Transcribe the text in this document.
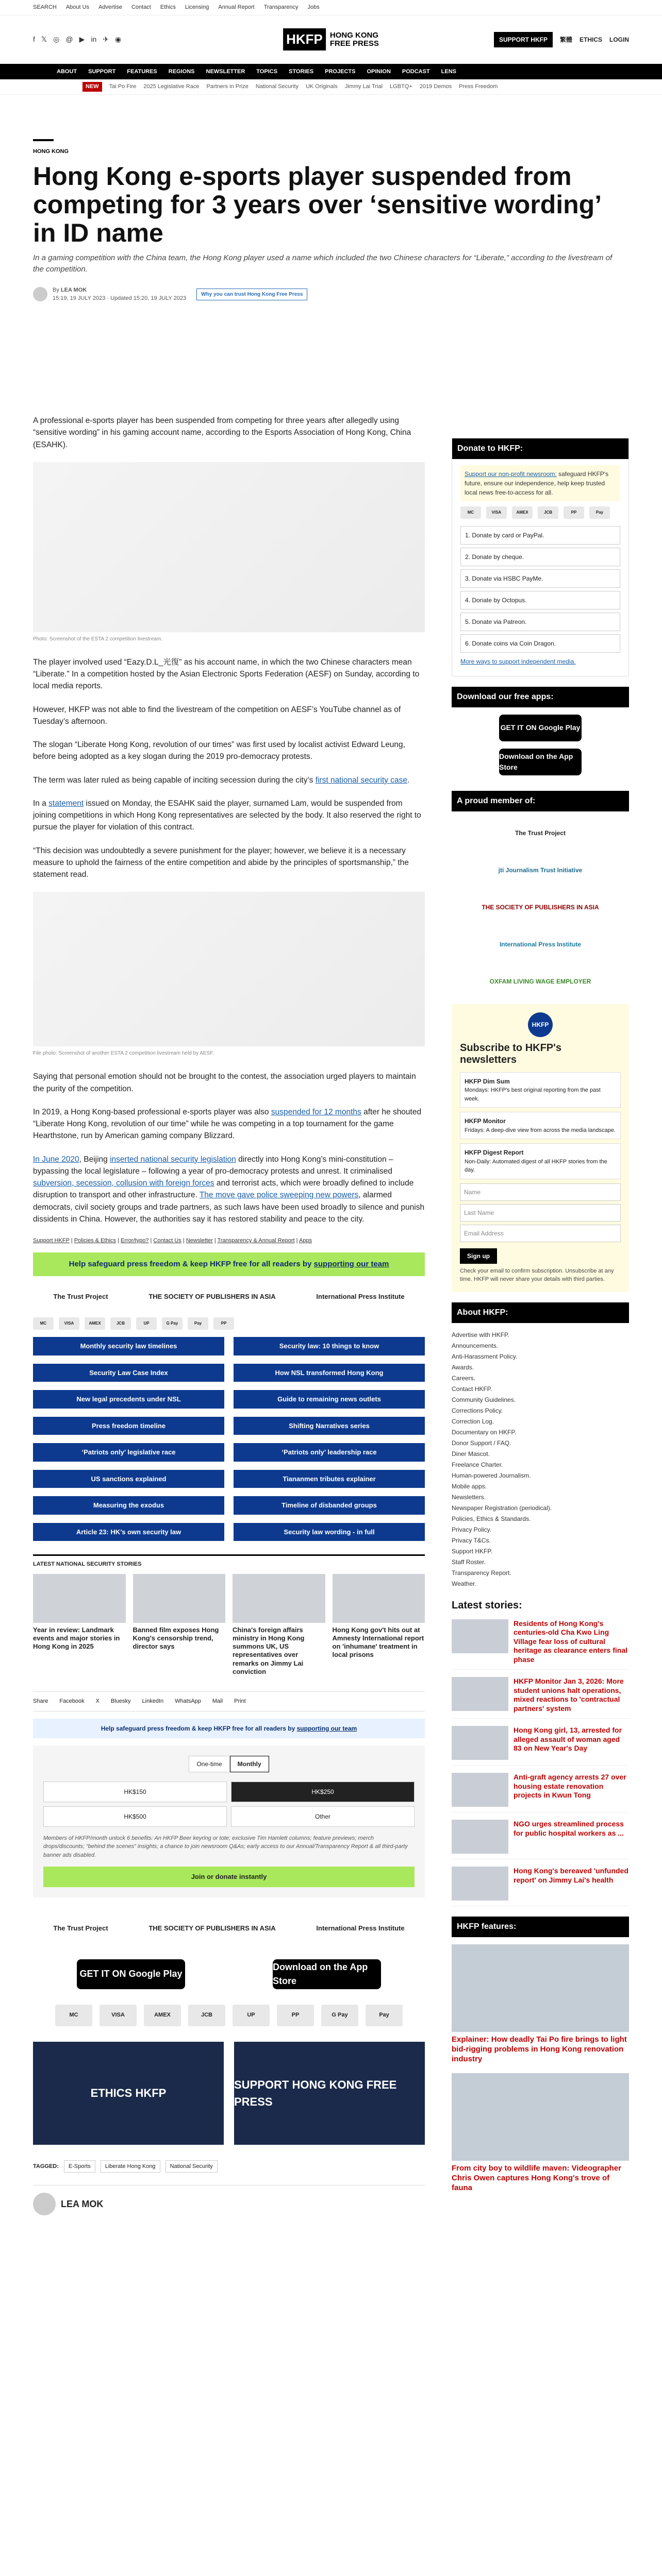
SEARCH About Us Advertise Contact Ethics Licensing Annual Report Transparency Jobs
f 𝕏 ◎ @ ▶ in ✈ ◉	HKFP HONG KONG
FREE PRESS	SUPPORT HKFP	繁體 ETHICS LOGIN
ABOUT SUPPORT FEATURES REGIONS NEWSLETTER TOPICS STORIES PROJECTS OPINION PODCAST LENS
NEW	Tai Po Fire 2025 Legislative Race Partners in Prize National Security UK Originals Jimmy Lai Trial LGBTQ+ 2019 Demos Press Freedom
HONG KONG
Hong Kong e-sports player suspended from competing for 3 years over ‘sensitive wording’ in ID name
In a gaming competition with the China team, the Hong Kong player used a name which included the two Chinese characters for “Liberate,” according to the livestream of the competition.
By LEA MOK
15:19, 19 JULY 2023 · Updated 15:20, 19 JULY 2023
Why you can trust Hong Kong Free Press

A professional e-sports player has been suspended from competing for three years after allegedly using “sensitive wording” in his gaming account name, according to the Esports Association of Hong Kong, China (ESAHK).

Photo: Screenshot of the ESTA 2 competition livestream.

The player involved used “Eazy.D.L_光復” as his account name, in which the two Chinese characters mean “Liberate.” In a competition hosted by the Asian Electronic Sports Federation (AESF) on Sunday, according to local media reports.

However, HKFP was not able to find the livestream of the competition on AESF’s YouTube channel as of Tuesday’s afternoon.

The slogan “Liberate Hong Kong, revolution of our times” was first used by localist activist Edward Leung, before being adopted as a key slogan during the 2019 pro-democracy protests.

The term was later ruled as being capable of inciting secession during the city’s first national security case.

In a statement issued on Monday, the ESAHK said the player, surnamed Lam, would be suspended from joining competitions in which Hong Kong representatives are selected by the body. It also reserved the right to pursue the player for violation of this contract.

“This decision was undoubtedly a severe punishment for the player; however, we believe it is a necessary measure to uphold the fairness of the entire competition and abide by the principles of sportsmanship,” the statement read.

File photo: Screenshot of another ESTA 2 competition livestream held by AESF.

Saying that personal emotion should not be brought to the contest, the association urged players to maintain the purity of the competition.

In 2019, a Hong Kong-based professional e-sports player was also suspended for 12 months after he shouted “Liberate Hong Kong, revolution of our time” while he was competing in a top tournament for the game Hearthstone, run by American gaming company Blizzard.

In June 2020, Beijing inserted national security legislation directly into Hong Kong’s mini-constitution – bypassing the local legislature – following a year of pro-democracy protests and unrest. It criminalised subversion, secession, collusion with foreign forces and terrorist acts, which were broadly defined to include disruption to transport and other infrastructure. The move gave police sweeping new powers, alarmed democrats, civil society groups and trade partners, as such laws have been used broadly to silence and punish dissidents in China. However, the authorities say it has restored stability and peace to the city.

Support HKFP | Policies & Ethics | Error/typo? | Contact Us | Newsletter | Transparency & Annual Report | Apps
Help safeguard press freedom & keep HKFP free for all readers by supporting our team
The Trust Project	THE SOCIETY OF PUBLISHERS IN ASIA	International Press Institute
MC	VISA	AMEX	JCB	UP	G Pay	Pay	PP
Monthly security law timelines	Security law: 10 things to know
Security Law Case Index	How NSL transformed Hong Kong
New legal precedents under NSL	Guide to remaining news outlets
Press freedom timeline	Shifting Narratives series
‘Patriots only’ legislative race	‘Patriots only’ leadership race
US sanctions explained	Tiananmen tributes explainer
Measuring the exodus	Timeline of disbanded groups
Article 23: HK’s own security law	Security law wording - in full
LATEST NATIONAL SECURITY STORIES
Year in review: Landmark events and major stories in Hong Kong in 2025
Banned film exposes Hong Kong's censorship trend, director says
China's foreign affairs ministry in Hong Kong summons UK, US representatives over remarks on Jimmy Lai conviction
Hong Kong gov't hits out at Amnesty International report on 'inhumane' treatment in local prisons
Share Facebook X Bluesky LinkedIn WhatsApp Mail Print
Help safeguard press freedom & keep HKFP free for all readers by supporting our team
One-time	Monthly
HK$150	HK$250
HK$500	Other
Members of HKFP/month unlock 6 benefits: An HKFP Beer keyring or tote; exclusive Tim Hamlett columns; feature previews; merch drops/discounts; “behind the scenes” insights; a chance to join newsroom Q&As; early access to our Annual/Transparency Report & all third-party banner ads disabled.
Join or donate instantly
The Trust Project	THE SOCIETY OF PUBLISHERS IN ASIA	International Press Institute
GET IT ON Google Play
Download on the App Store
MC	VISA	AMEX	JCB	UP	PP	G Pay	Pay
ETHICS HKFP
SUPPORT HONG KONG FREE PRESS
TAGGED:	E-Sports	Liberate Hong Kong	National Security
LEA MOK
Donate to HKFP:
Support our non-profit newsroom: safeguard HKFP's future, ensure our independence, help keep trusted local news free-to-access for all.
MC	VISA	AMEX	JCB	PP	Pay
1. Donate by card or PayPal.
2. Donate by cheque.
3. Donate via HSBC PayMe.
4. Donate by Octopus.
5. Donate via Patreon.
6. Donate coins via Coin Dragon.
More ways to support independent media.
Download our free apps:
GET IT ON Google Play
Download on the App Store
A proud member of:
The Trust Project
jti Journalism Trust Initiative
THE SOCIETY OF PUBLISHERS IN ASIA
International Press Institute
OXFAM LIVING WAGE EMPLOYER
HKFP
Subscribe to HKFP's newsletters
HKFP Dim Sum
Mondays: HKFP's best original reporting from the past week.
HKFP Monitor
Fridays: A deep-dive view from across the media landscape.
HKFP Digest Report
Non-Daily: Automated digest of all HKFP stories from the day.
Name
Last Name
Email Address
Sign up
Check your email to confirm subscription. Unsubscribe at any time. HKFP will never share your details with third parties.
About HKFP:
Advertise with HKFP.
Announcements.
Anti-Harassment Policy.
Awards.
Careers.
Contact HKFP.
Community Guidelines.
Corrections Policy.
Correction Log.
Documentary on HKFP.
Donor Support / FAQ.
Diner Mascot.
Freelance Charter.
Human-powered Journalism.
Mobile apps.
Newsletters.
Newspaper Registration (periodical).
Policies, Ethics & Standards.
Privacy Policy.
Privacy T&Cs.
Support HKFP.
Staff Roster.
Transparency Report.
Weather.
Latest stories:
Residents of Hong Kong's centuries-old Cha Kwo Ling Village fear loss of cultural heritage as clearance enters final phase
HKFP Monitor Jan 3, 2026: More student unions halt operations, mixed reactions to 'contractual partners' system
Hong Kong girl, 13, arrested for alleged assault of woman aged 83 on New Year's Day
Anti-graft agency arrests 27 over housing estate renovation projects in Kwun Tong
NGO urges streamlined process for public hospital workers as ...
Hong Kong's bereaved 'unfunded report' on Jimmy Lai's health
HKFP features:
Explainer: How deadly Tai Po fire brings to light bid-rigging problems in Hong Kong renovation industry
From city boy to wildlife maven: Videographer Chris Owen captures Hong Kong's trove of fauna
